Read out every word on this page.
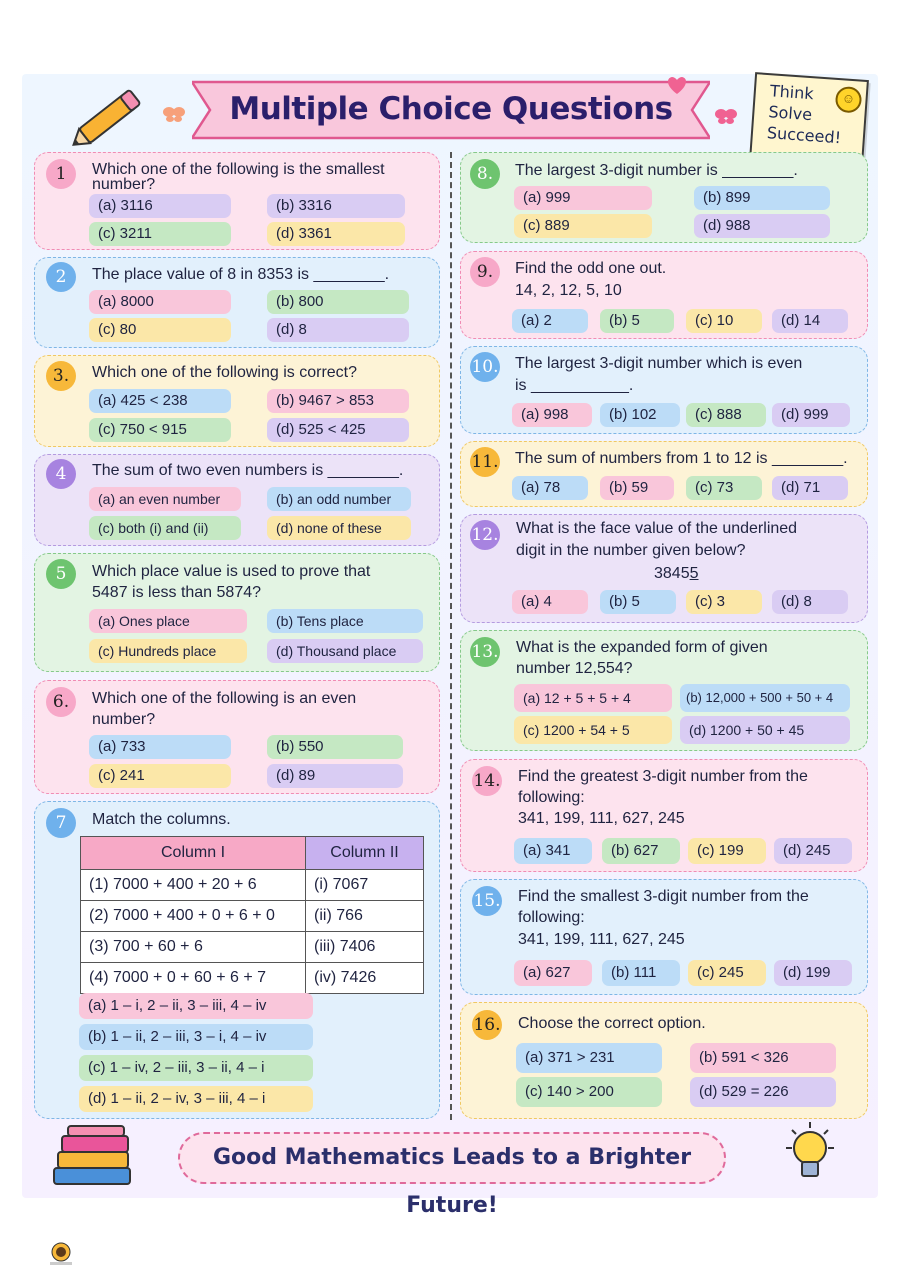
Multiple Choice Questions	Think
Solve
Succeed!
☺
1	Which one of the following is the smallest
number?
(a) 3116	(b) 3316
(c) 3211	(d) 3361
2	The place value of 8 in 8353 is ________.
(a) 8000	(b) 800
(c) 80	(d) 8
3.	Which one of the following is correct?
(a) 425 < 238	(b) 9467 > 853
(c) 750 < 915	(d) 525 < 425
4	The sum of two even numbers is ________.
(a) an even number	(b) an odd number
(c) both (i) and (ii)	(d) none of these
5	Which place value is used to prove that
5487 is less than 5874?
(a) Ones place	(b) Tens place
(c) Hundreds place	(d) Thousand place
6.	Which one of the following is an even
number?
(a) 733	(b) 550
(c) 241	(d) 89
7	Match the columns.
Column I	Column II
(1) 7000 + 400 + 20 + 6	(i) 7067
(2) 7000 + 400 + 0 + 6 + 0	(ii) 766
(3) 700 + 60 + 6	(iii) 7406
(4) 7000 + 0 + 60 + 6 + 7	(iv) 7426
(a) 1 – i, 2 – ii, 3 – iii, 4 – iv
(b) 1 – ii, 2 – iii, 3 – i, 4 – iv
(c) 1 – iv, 2 – iii, 3 – ii, 4 – i
(d) 1 – ii, 2 – iv, 3 – iii, 4 – i
8.	The largest 3-digit number is ________.
(a) 999	(b) 899
(c) 889	(d) 988
9.	Find the odd one out.
14, 2, 12, 5, 10
(a) 2	(b) 5	(c) 10	(d) 14
10. The largest 3-digit number which is even
is ___________.
(a) 998	(b) 102	(c) 888	(d) 999
11. The sum of numbers from 1 to 12 is ________.
(a) 78	(b) 59	(c) 73	(d) 71
12. What is the face value of the underlined
digit in the number given below?
38455
(a) 4	(b) 5	(c) 3	(d) 8
13. What is the expanded form of given
number 12,554?
(a) 12 + 5 + 5 + 4	(b) 12,000 + 500 + 50 + 4
(c) 1200 + 54 + 5	(d) 1200 + 50 + 45
14. Find the greatest 3-digit number from the
following:
341, 199, 111, 627, 245
(a) 341	(b) 627	(c) 199	(d) 245
15. Find the smallest 3-digit number from the
following:
341, 199, 111, 627, 245
(a) 627	(b) 111	(c) 245	(d) 199
16. Choose the correct option.
(a) 371 > 231	(b) 591 < 326
(c) 140 > 200	(d) 529 = 226
Good Mathematics Leads to a Brighter Future!
